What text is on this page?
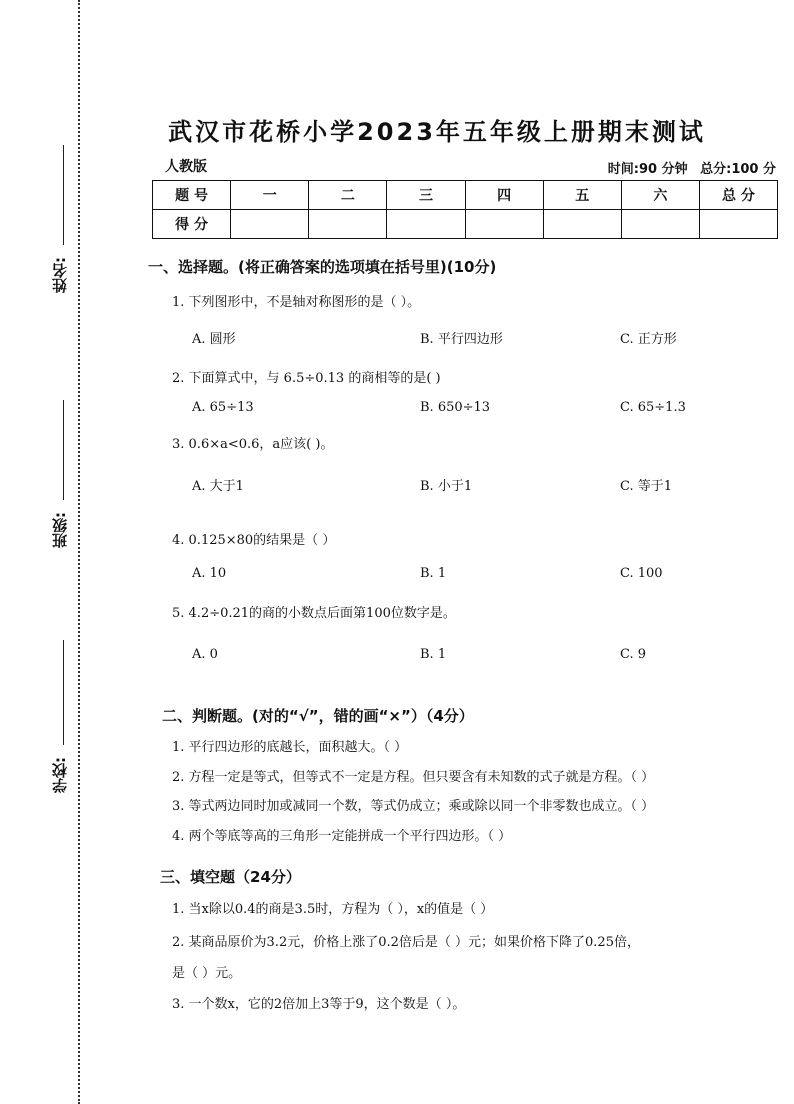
姓名:
班级:
学校:
武汉市花桥小学2023年五年级上册期末测试
人教版	时间:90 分钟 总分:100 分
题 号	一	二	三	四	五	六	总 分
得 分							
一、选择题。(将正确答案的选项填在括号里)(10分)
1. 下列图形中，不是轴对称图形的是（ ）。
A. 圆形	B. 平行四边形	C. 正方形
2. 下面算式中，与 6.5÷0.13 的商相等的是( )
A. 65÷13	B. 650÷13	C. 65÷1.3
3. 0.6×a<0.6，a应该( )。
A. 大于1	B. 小于1	C. 等于1
4. 0.125×80的结果是（ ）
A. 10	B. 1	C. 100
5. 4.2÷0.21的商的小数点后面第100位数字是。
A. 0	B. 1	C. 9
二、判断题。(对的“√”，错的画“×”）（4分）
1. 平行四边形的底越长，面积越大。（ ）
2. 方程一定是等式，但等式不一定是方程。但只要含有未知数的式子就是方程。（ ）
3. 等式两边同时加或减同一个数，等式仍成立；乘或除以同一个非零数也成立。（ ）
4. 两个等底等高的三角形一定能拼成一个平行四边形。（ ）
三、填空题（24分）
1. 当x除以0.4的商是3.5时，方程为（ ），x的值是（ ）
2. 某商品原价为3.2元，价格上涨了0.2倍后是（ ）元；如果价格下降了0.25倍，
是（ ）元。
3. 一个数x，它的2倍加上3等于9，这个数是（ ）。
